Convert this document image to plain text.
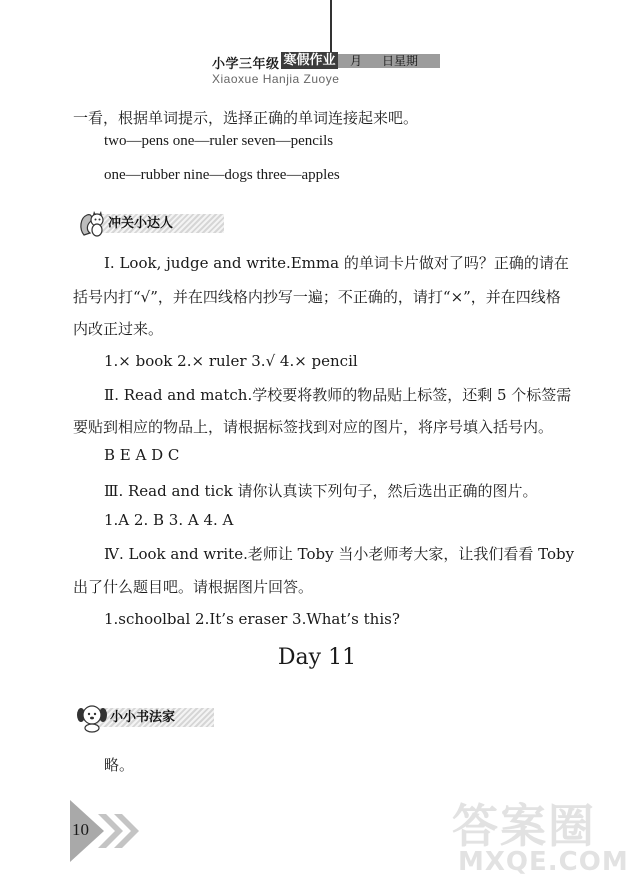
小学三年级 寒假作业 月 日星期
Xiaoxue Hanjia Zuoye
一看，根据单词提示，选择正确的单词连接起来吧。
two—pens one—ruler seven—pencils
one—rubber nine—dogs three—apples
冲关小达人
Ⅰ. Look, judge and write.Emma 的单词卡片做对了吗？正确的请在
括号内打“√”，并在四线格内抄写一遍；不正确的，请打“×”，并在四线格
内改正过来。
1.× book 2.× ruler 3.√ 4.× pencil
Ⅱ. Read and match.学校要将教师的物品贴上标签，还剩 5 个标签需
要贴到相应的物品上，请根据标签找到对应的图片，将序号填入括号内。
B E A D C
Ⅲ. Read and tick 请你认真读下列句子，然后选出正确的图片。
1.A 2. B 3. A 4. A
Ⅳ. Look and write.老师让 Toby 当小老师考大家，让我们看看 Toby
出了什么题目吧。请根据图片回答。
1.schoolbal 2.It’s eraser 3.What’s this?
Day 11
小小书法家
略。
10	答案圈
MXQE.COM
